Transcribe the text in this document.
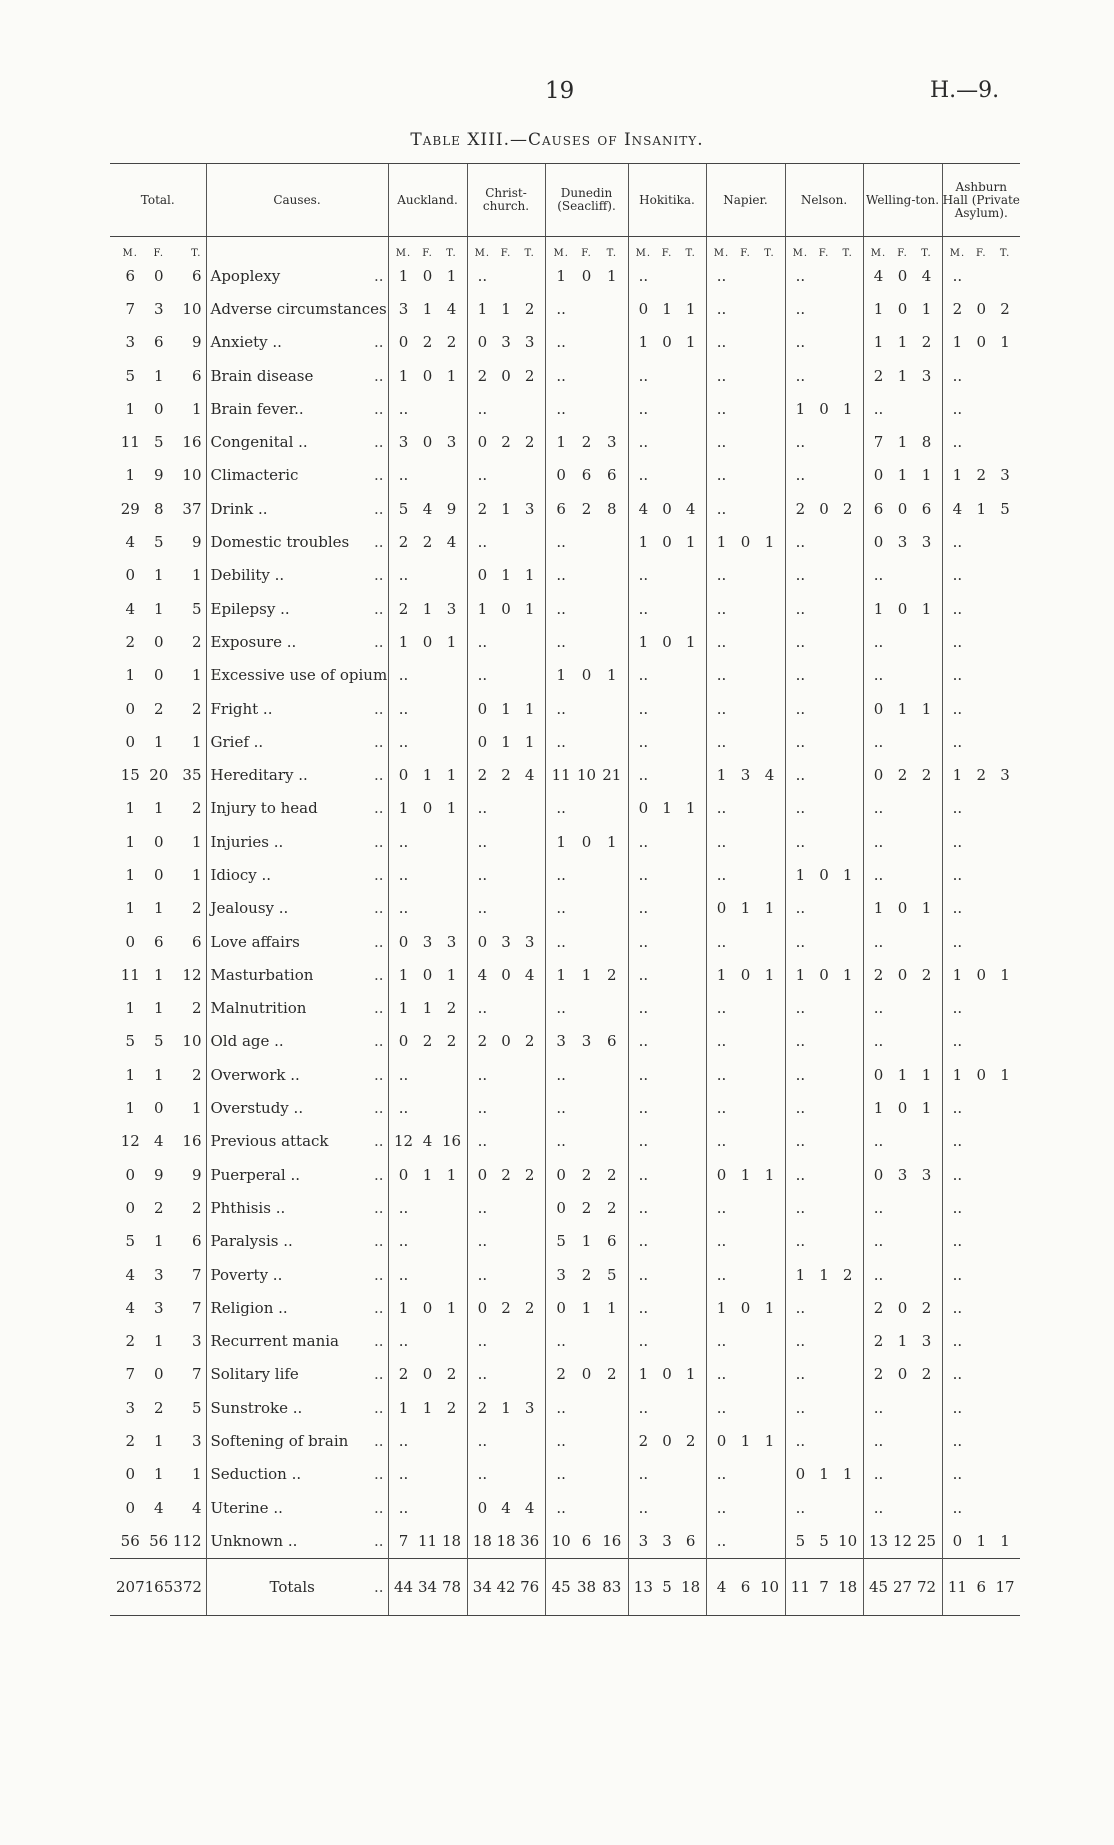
19	H.—9.
Table XIII.—Causes of Insanity.
Total.	Causes.	Auckland.	Christ-church.	Dunedin (Seacliff).	Hokitika.	Napier.	Nelson.	Welling-ton.	Ashburn Hall (Private Asylum).

M. F. T.		M. F. T.	M. F. T.	M. F. T.	M. F. T.	M. F. T.	M. F. T.	M. F. T.	M. F. T.

6 0 6	Apoplexy ..	1 0 1	..	1 0 1	..	..	..	4 0 4	..

7 3 10	Adverse circumstances	3 1 4	1 1 2	..	0 1 1	..	..	1 0 1	2 0 2

3 6 9	Anxiety .. ..	0 2 2	0 3 3	..	1 0 1	..	..	1 1 2	1 0 1

5 1 6	Brain disease ..	1 0 1	2 0 2	..	..	..	..	2 1 3	..

1 0 1	Brain fever.. ..	..	..	..	..	..	1 0 1	..	..

11 5 16	Congenital .. ..	3 0 3	0 2 2	1 2 3	..	..	..	7 1 8	..

1 9 10	Climacteric ..	..	..	0 6 6	..	..	..	0 1 1	1 2 3

29 8 37	Drink .. ..	5 4 9	2 1 3	6 2 8	4 0 4	..	2 0 2	6 0 6	4 1 5

4 5 9	Domestic troubles ..	2 2 4	..	..	1 0 1	1 0 1	..	0 3 3	..

0 1 1	Debility .. ..	..	0 1 1	..	..	..	..	..	..

4 1 5	Epilepsy .. ..	2 1 3	1 0 1	..	..	..	..	1 0 1	..

2 0 2	Exposure .. ..	1 0 1	..	..	1 0 1	..	..	..	..

1 0 1	Excessive use of opium	..	..	1 0 1	..	..	..	..	..

0 2 2	Fright .. ..	..	0 1 1	..	..	..	..	0 1 1	..

0 1 1	Grief .. ..	..	0 1 1	..	..	..	..	..	..

15 20 35	Hereditary .. ..	0 1 1	2 2 4	11 10 21	..	1 3 4	..	0 2 2	1 2 3

1 1 2	Injury to head ..	1 0 1	..	..	0 1 1	..	..	..	..

1 0 1	Injuries .. ..	..	..	1 0 1	..	..	..	..	..

1 0 1	Idiocy .. ..	..	..	..	..	..	1 0 1	..	..

1 1 2	Jealousy .. ..	..	..	..	..	0 1 1	..	1 0 1	..

0 6 6	Love affairs ..	0 3 3	0 3 3	..	..	..	..	..	..

11 1 12	Masturbation ..	1 0 1	4 0 4	1 1 2	..	1 0 1	1 0 1	2 0 2	1 0 1

1 1 2	Malnutrition ..	1 1 2	..	..	..	..	..	..	..

5 5 10	Old age .. ..	0 2 2	2 0 2	3 3 6	..	..	..	..	..

1 1 2	Overwork .. ..	..	..	..	..	..	..	0 1 1	1 0 1

1 0 1	Overstudy .. ..	..	..	..	..	..	..	1 0 1	..

12 4 16	Previous attack ..	12 4 16	..	..	..	..	..	..	..

0 9 9	Puerperal .. ..	0 1 1	0 2 2	0 2 2	..	0 1 1	..	0 3 3	..

0 2 2	Phthisis .. ..	..	..	0 2 2	..	..	..	..	..

5 1 6	Paralysis .. ..	..	..	5 1 6	..	..	..	..	..

4 3 7	Poverty .. ..	..	..	3 2 5	..	..	1 1 2	..	..

4 3 7	Religion .. ..	1 0 1	0 2 2	0 1 1	..	1 0 1	..	2 0 2	..

2 1 3	Recurrent mania ..	..	..	..	..	..	..	2 1 3	..

7 0 7	Solitary life ..	2 0 2	..	2 0 2	1 0 1	..	..	2 0 2	..

3 2 5	Sunstroke .. ..	1 1 2	2 1 3	..	..	..	..	..	..

2 1 3	Softening of brain ..	..	..	..	2 0 2	0 1 1	..	..	..

0 1 1	Seduction .. ..	..	..	..	..	..	0 1 1	..	..

0 4 4	Uterine .. ..	..	0 4 4	..	..	..	..	..	..

56 56 112	Unknown .. ..	7 11 18	18 18 36	10 6 16	3 3 6	..	5 5 10	13 12 25	0 1 1

207 165 372	Totals ..	44 34 78	34 42 76	45 38 83	13 5 18	4 6 10	11 7 18	45 27 72	11 6 17
